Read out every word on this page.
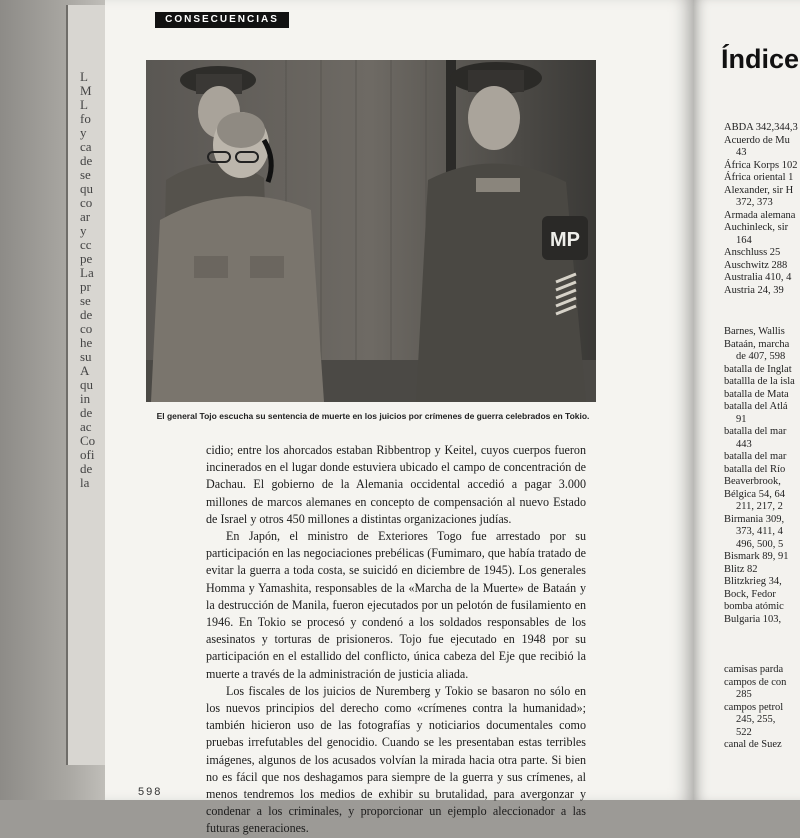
L
M
L
fo
y
ca
de
se
qu
co
ar
y
cc
pe
La
pr
se
de
co
he
su
A
qu
in
de
ac
Co
ofi
de
la
CONSECUENCIAS
MP
El general Tojo escucha su sentencia de muerte en los juicios por crímenes de guerra celebrados en Tokio.

cidio; entre los ahorcados estaban Ribbentrop y Keitel, cuyos cuerpos fueron incinerados en el lugar donde estuviera ubicado el campo de concentración de Dachau. El gobierno de la Alemania occidental accedió a pagar 3.000 millones de marcos alemanes en concepto de compensación al nuevo Estado de Israel y otros 450 millones a distintas organizaciones judías.

En Japón, el ministro de Exteriores Togo fue arrestado por su participación en las negociaciones prebélicas (Fumimaro, que había tratado de evitar la guerra a toda costa, se suicidó en diciembre de 1945). Los generales Homma y Yamashita, responsables de la «Marcha de la Muerte» de Bataán y la destrucción de Manila, fueron ejecutados por un pelotón de fusilamiento en 1946. En Tokio se procesó y condenó a los soldados responsables de los asesinatos y torturas de prisioneros. Tojo fue ejecutado en 1948 por su participación en el estallido del conflicto, única cabeza del Eje que recibió la muerte a través de la administración de justicia aliada.

Los fiscales de los juicios de Nuremberg y Tokio se basaron no sólo en los nuevos principios del derecho como «crímenes contra la humanidad»; también hicieron uso de las fotografías y noticiarios documentales como pruebas irrefutables del genocidio. Cuando se les presentaban estas terribles imágenes, algunos de los acusados volvían la mirada hacia otra parte. Si bien no es fácil que nos deshagamos para siempre de la guerra y sus crímenes, al menos tendremos los medios de exhibir su brutalidad, para avergonzar y condenar a los criminales, y proporcionar un ejemplo aleccionador a las futuras generaciones.

598
Índice
ABDA 342,344,3
Acuerdo de Mu
43
África Korps 102
África oriental 1
Alexander, sir H
372, 373
Armada alemana
Auchinleck, sir
164
Anschluss 25
Auschwitz 288
Australia 410, 4
Austria 24, 39
Barnes, Wallis
Bataán, marcha
de 407, 598
batalla de Inglat
batallla de la isla
batalla de Mata
batalla del Atlá
91
batalla del mar
443
batalla del mar
batalla del Río
Beaverbrook,
Bélgica 54, 64
211, 217, 2
Birmania 309,
373, 411, 4
496, 500, 5
Bismark 89, 91
Blitz 82
Blitzkrieg 34,
Bock, Fedor
bomba atómic
Bulgaria 103,
camisas parda
campos de con
285
campos petrol
245, 255,
522
canal de Suez
